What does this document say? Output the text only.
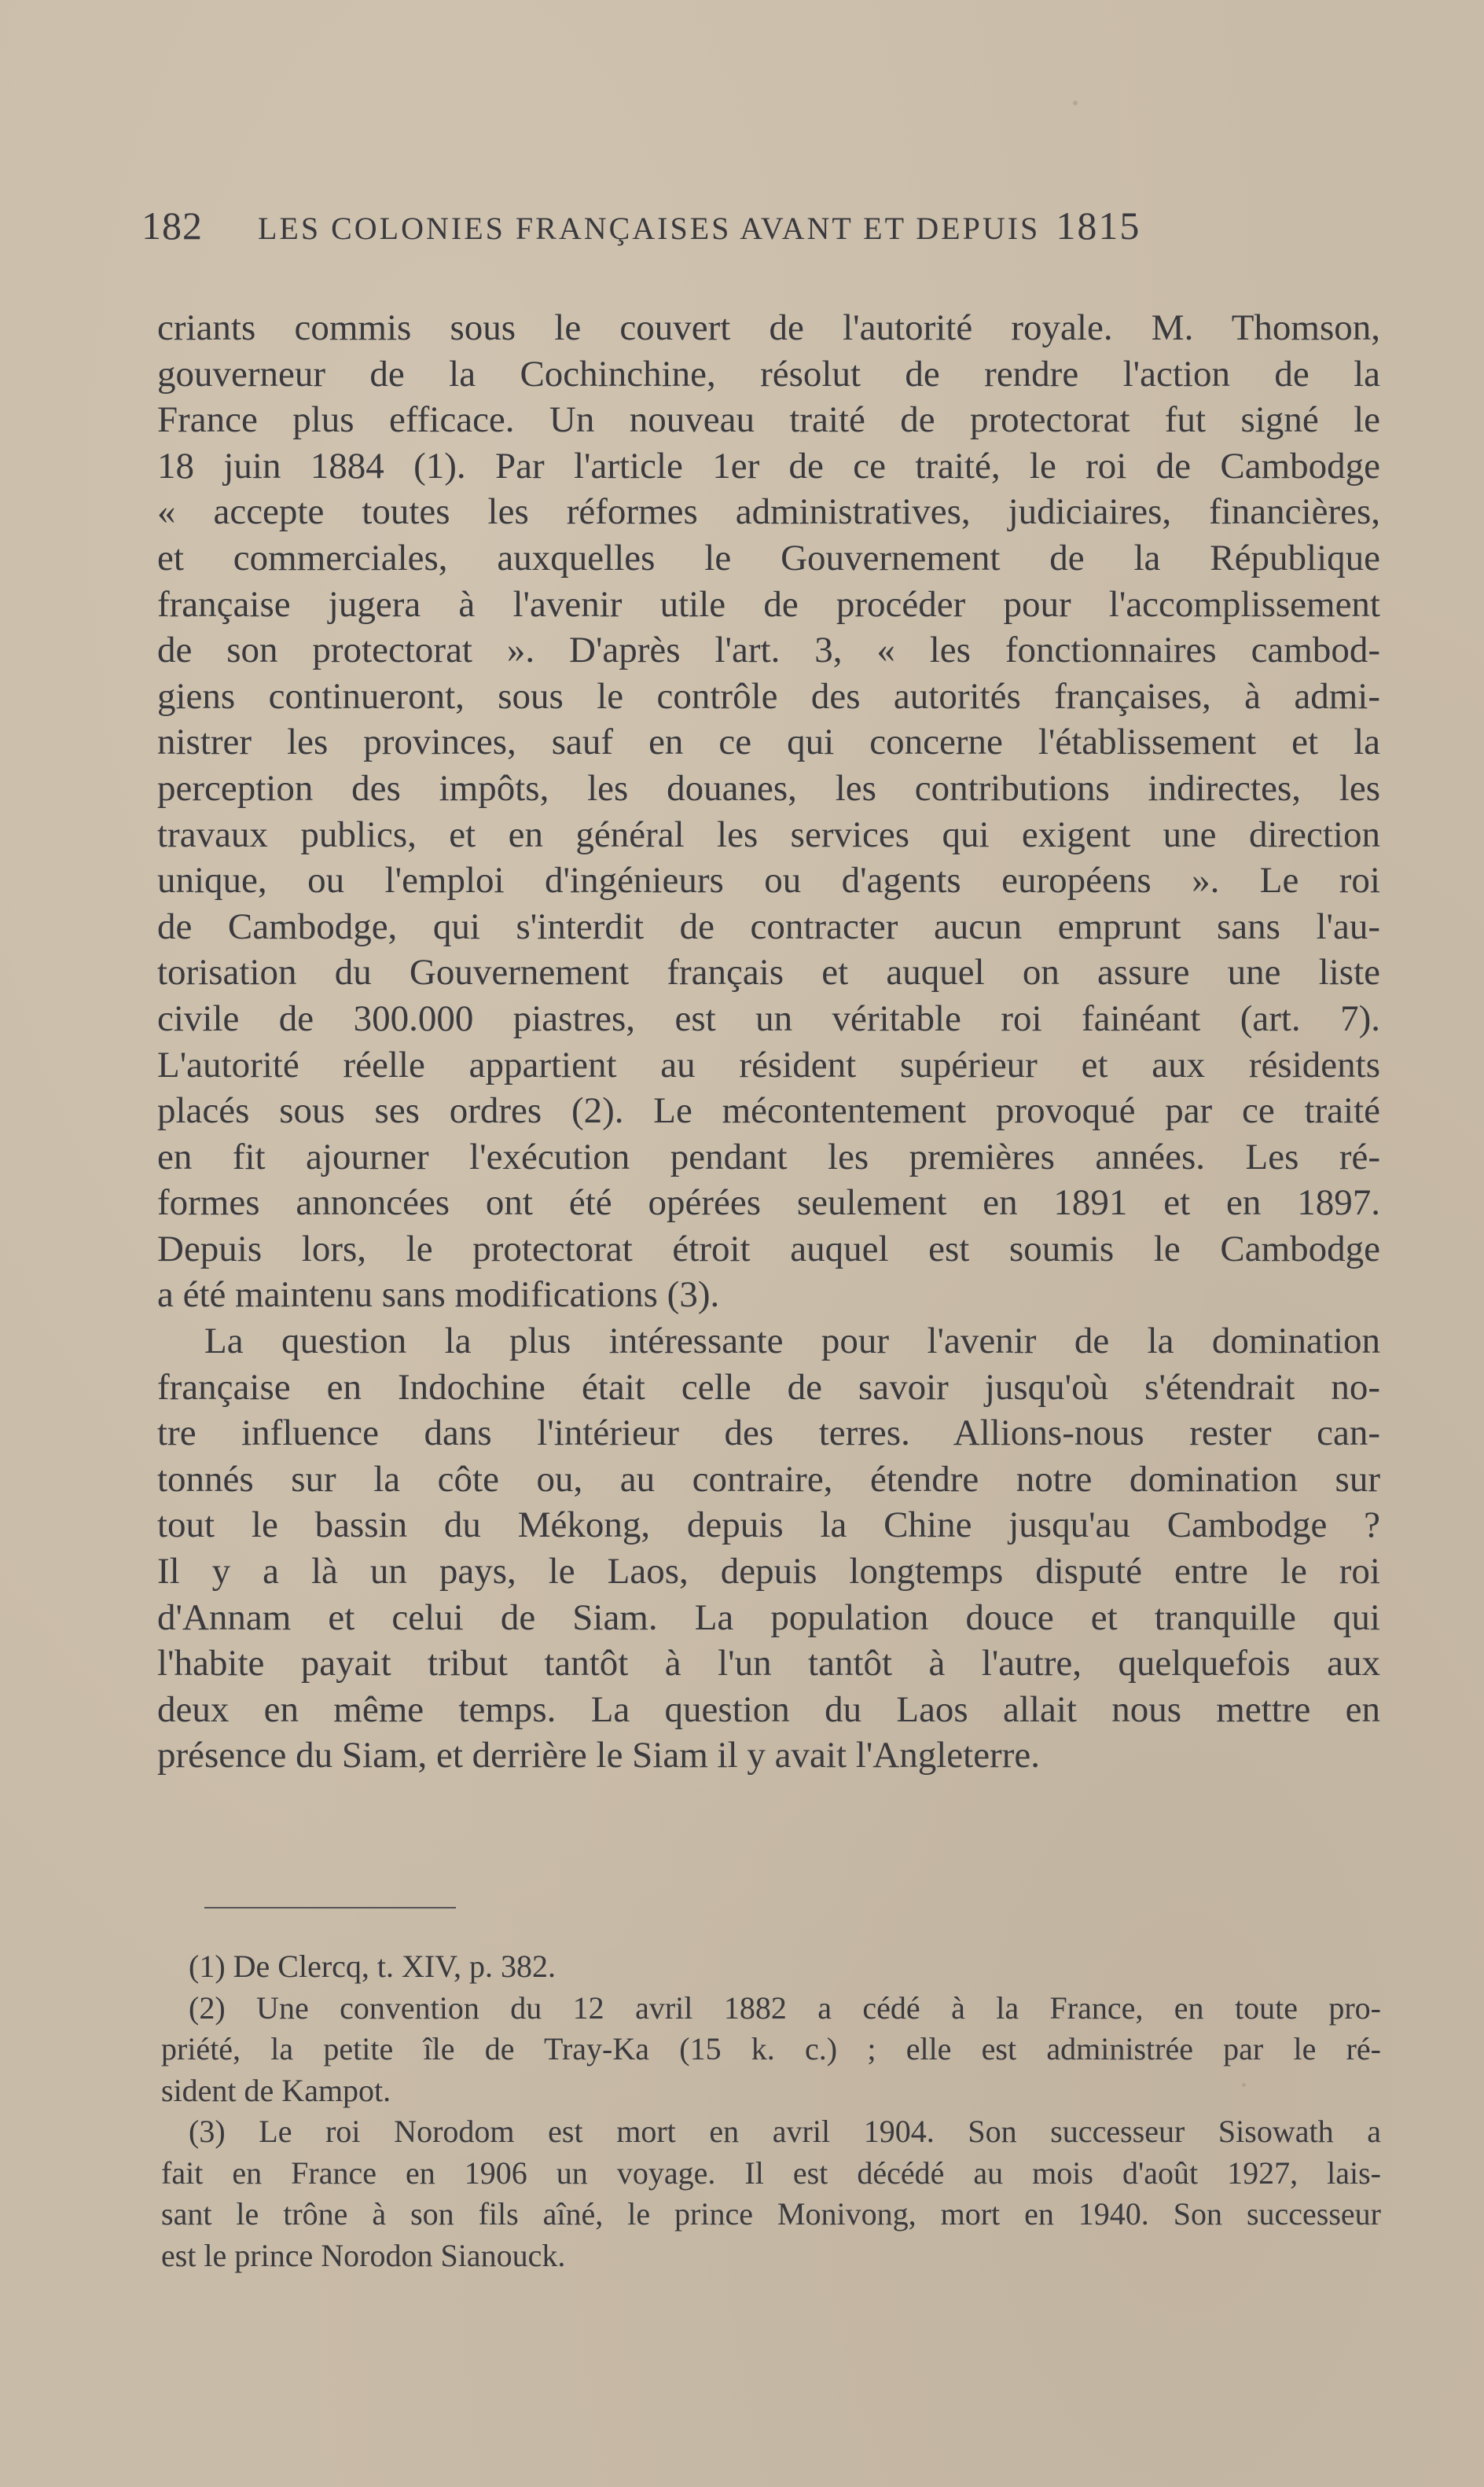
182 LES COLONIES FRANÇAISES AVANT ET DEPUIS 1815
criants commis sous le couvert de l'autorité royale. M. Thomson,
gouverneur de la Cochinchine, résolut de rendre l'action de la
France plus efficace. Un nouveau traité de protectorat fut signé le
18 juin 1884 (1). Par l'article 1er de ce traité, le roi de Cambodge
« accepte toutes les réformes administratives, judiciaires, financières,
et commerciales, auxquelles le Gouvernement de la République
française jugera à l'avenir utile de procéder pour l'accomplissement
de son protectorat ». D'après l'art. 3, « les fonctionnaires cambod-
giens continueront, sous le contrôle des autorités françaises, à admi-
nistrer les provinces, sauf en ce qui concerne l'établissement et la
perception des impôts, les douanes, les contributions indirectes, les
travaux publics, et en général les services qui exigent une direction
unique, ou l'emploi d'ingénieurs ou d'agents européens ». Le roi
de Cambodge, qui s'interdit de contracter aucun emprunt sans l'au-
torisation du Gouvernement français et auquel on assure une liste
civile de 300.000 piastres, est un véritable roi fainéant (art. 7).
L'autorité réelle appartient au résident supérieur et aux résidents
placés sous ses ordres (2). Le mécontentement provoqué par ce traité
en fit ajourner l'exécution pendant les premières années. Les ré-
formes annoncées ont été opérées seulement en 1891 et en 1897.
Depuis lors, le protectorat étroit auquel est soumis le Cambodge
a été maintenu sans modifications (3).
La question la plus intéressante pour l'avenir de la domination
française en Indochine était celle de savoir jusqu'où s'étendrait no-
tre influence dans l'intérieur des terres. Allions-nous rester can-
tonnés sur la côte ou, au contraire, étendre notre domination sur
tout le bassin du Mékong, depuis la Chine jusqu'au Cambodge ?
Il y a là un pays, le Laos, depuis longtemps disputé entre le roi
d'Annam et celui de Siam. La population douce et tranquille qui
l'habite payait tribut tantôt à l'un tantôt à l'autre, quelquefois aux
deux en même temps. La question du Laos allait nous mettre en
présence du Siam, et derrière le Siam il y avait l'Angleterre.
(1) De Clercq, t. XIV, p. 382.
(2) Une convention du 12 avril 1882 a cédé à la France, en toute pro-
priété, la petite île de Tray-Ka (15 k. c.) ; elle est administrée par le ré-
sident de Kampot.
(3) Le roi Norodom est mort en avril 1904. Son successeur Sisowath a
fait en France en 1906 un voyage. Il est décédé au mois d'août 1927, lais-
sant le trône à son fils aîné, le prince Monivong, mort en 1940. Son successeur
est le prince Norodon Sianouck.
